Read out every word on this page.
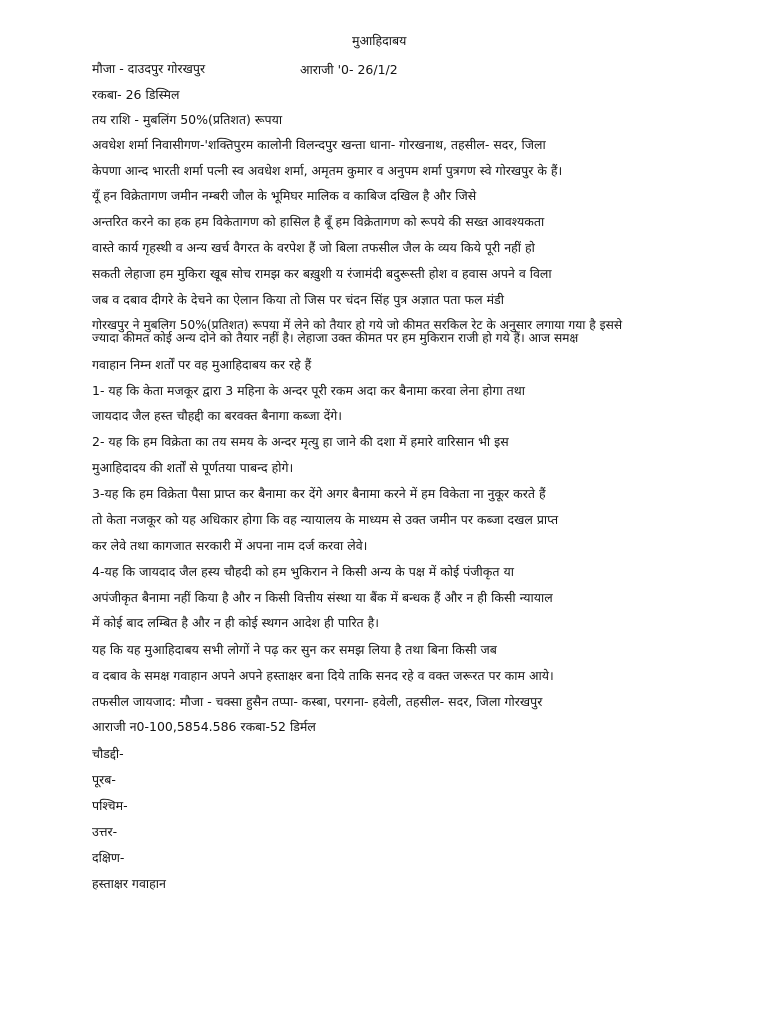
मुआहिदाबय
मौजा - दाउदपुर गोरखपुर	आराजी '0- 26/1/2
रकबा- 26 डिस्मिल
तय राशि - मुबलिंग 50%(प्रतिशत) रूपया
अवधेश शर्मा निवासीगण-'शक्तिपुरम कालोनी विलन्दपुर खन्ता धाना- गोरखनाथ, तहसील- सदर, जिला
केपणा आन्द भारती शर्मा पत्नी स्व अवधेश शर्मा, अमृतम कुमार व अनुपम शर्मा पुत्रगण स्वे गोरखपुर के हैं।
यूँ हन विक्रेतागण जमीन नम्बरी जौल के भूमिघर मालिक व काबिज दखिल है और जिसे
अन्तरित करने का हक हम विकेतागण को हासिल है बूँ हम विक्रेतागण को रूपये की सख्त आवश्यकता
वास्ते कार्य गृहस्थी व अन्य खर्च वैगरत के वरपेश हैं जो बिला तफसील जैल के व्यय किये पूरी नहीं हो
सकती लेहाजा हम मुकिरा खूब सोच रामझ कर बख़ुशी य रंजामंदी बदुरूस्ती होश व हवास अपने व विला
जब व दबाव दीगरे के देचने का ऐलान किया तो जिस पर चंदन सिंह पुत्र अज्ञात पता फल मंडी
गोरखपुर ने मुबलिग 50%(प्रतिशत) रूपया में लेने को तैयार हो गये जो कीमत सरकिल रेट के अनुसार लगाया गया है इससे
ज्यादा कीमत कोई अन्य दोने को तैयार नहीं है। लेहाजा उक्त कीमत पर हम मुकिरान राजी हो गये हैं। आज समक्ष
गवाहान निम्न शर्तों पर वह मुआहिदाबय कर रहे हैं
1- यह कि केता मजकूर द्वारा 3 महिना के अन्दर पूरी रकम अदा कर बैनामा करवा लेना होगा तथा
जायदाद जैल हस्त चौहद्दी का बरवक्त बैनागा कब्जा देंगे।
2- यह कि हम विक्रेता का तय समय के अन्दर मृत्यु हा जाने की दशा में हमारे वारिसान भी इस
मुआहिदादय की शर्तों से पूर्णतया पाबन्द होगे।
3-यह कि हम विक्रेता पैसा प्राप्त कर बैनामा कर देंगे अगर बैनामा करने में हम विकेता ना नुकूर करते हैं
तो केता नजकूर को यह अधिकार होगा कि वह न्यायालय के माध्यम से उक्त जमीन पर कब्जा दखल प्राप्त
कर लेवे तथा कागजात सरकारी में अपना नाम दर्ज करवा लेवे।
4-यह कि जायदाद जैल हस्य चौहदी को हम भुकिरान ने किसी अन्य के पक्ष में कोई पंजीकृत या
अपंजीकृत बैनामा नहीं किया है और न किसी वित्तीय संस्था या बैंक में बन्धक हैं और न ही किसी न्यायाल
में कोई बाद लम्बित है और न ही कोई स्थगन आदेश ही पारित है।
यह कि यह मुआहिदाबय सभी लोगों ने पढ़ कर सुन कर समझ लिया है तथा बिना किसी जब
व दबाव के समक्ष गवाहान अपने अपने हस्ताक्षर बना दिये ताकि सनद रहे व वक्त जरूरत पर काम आये।
तफसील जायजाद: मौजा - चक्सा हुसैन तप्पा- कस्बा, परगना- हवेली, तहसील- सदर, जिला गोरखपुर
आराजी न0-100,5854.586 रकबा-52 डिर्मल
चौडद्दी-
पूरब-
पश्चिम-
उत्तर-
दक्षिण-
हस्ताक्षर गवाहान
